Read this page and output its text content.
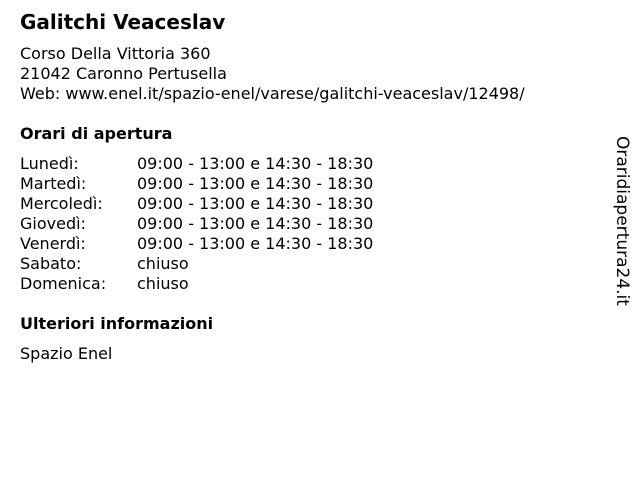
Galitchi Veaceslav
Corso Della Vittoria 360
21042 Caronno Pertusella
Web: www.enel.it/spazio-enel/varese/galitchi-veaceslav/12498/
Orari di apertura
Lunedì:	09:00 - 13:00 e 14:30 - 18:30
Martedì:	09:00 - 13:00 e 14:30 - 18:30
Mercoledì:	09:00 - 13:00 e 14:30 - 18:30
Giovedì:	09:00 - 13:00 e 14:30 - 18:30
Venerdì:	09:00 - 13:00 e 14:30 - 18:30
Sabato:	chiuso
Domenica:	chiuso
Ulteriori informazioni
Spazio Enel
Oraridiapertura24.it
